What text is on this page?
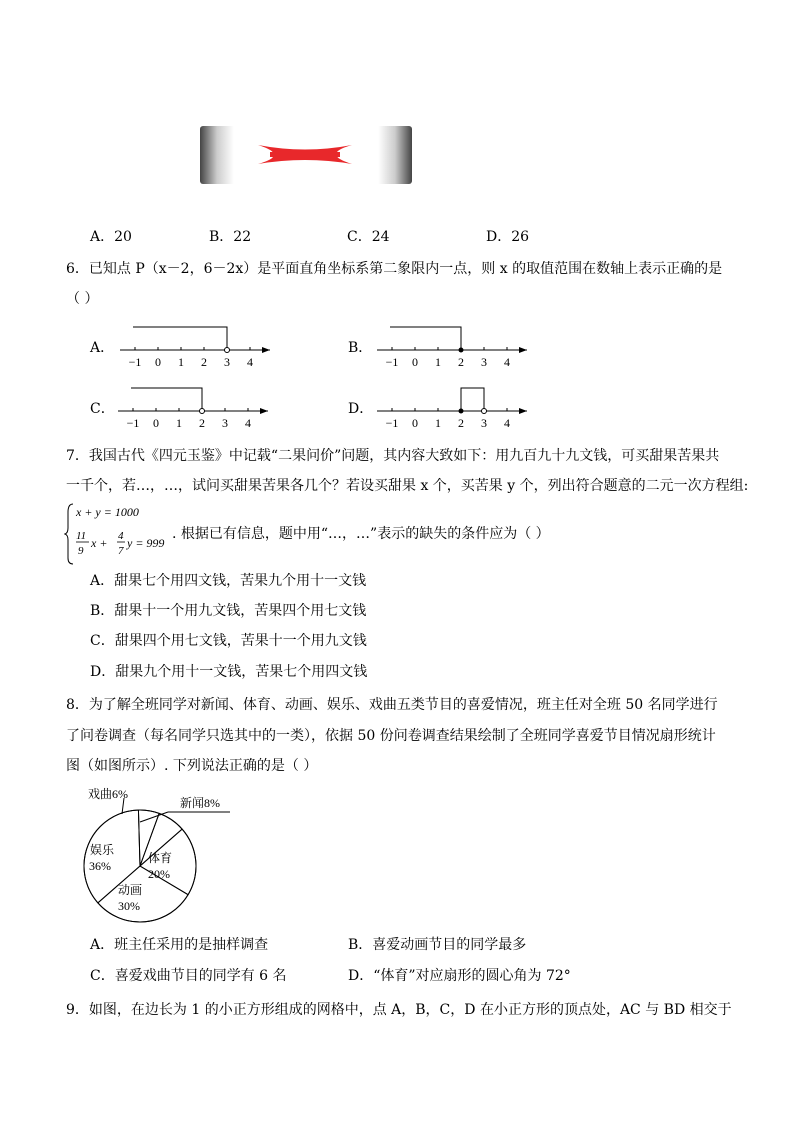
A．20	B．22	C．24	D．26
6．已知点 P（x－2，6－2x）是平面直角坐标系第二象限内一点，则 x 的取值范围在数轴上表示正确的是
（ ）
A．	B．
C．	D．
−1 0 1 2 3 4	−1 0 1 2 3 4
−1 0 1 2 3 4	−1 0 1 2 3 4
7．我国古代《四元玉鉴》中记载“二果问价”问题，其内容大致如下：用九百九十九文钱，可买甜果苦果共
一千个，若…，…，试问买甜果苦果各几个？若设买甜果 x 个，买苦果 y 个，列出符合题意的二元一次方程组:
x + y = 1000
11
9
x + 4
7
y = 999
. 根据已有信息，题中用“…，…”表示的缺失的条件应为（ ）
A．甜果七个用四文钱，苦果九个用十一文钱
B．甜果十一个用九文钱，苦果四个用七文钱
C．甜果四个用七文钱，苦果十一个用九文钱
D．甜果九个用十一文钱，苦果七个用四文钱
8．为了解全班同学对新闻、体育、动画、娱乐、戏曲五类节目的喜爱情况，班主任对全班 50 名同学进行
了问卷调查（每名同学只选其中的一类），依据 50 份问卷调查结果绘制了全班同学喜爱节目情况扇形统计
图（如图所示）. 下列说法正确的是（ ）
戏曲6%
新闻8%
娱乐
36%
体育
20%
动画
30%
A．班主任采用的是抽样调查	B．喜爱动画节目的同学最多
C．喜爱戏曲节目的同学有 6 名	D．“体育”对应扇形的圆心角为 72°
9．如图，在边长为 1 的小正方形组成的网格中，点 A，B，C，D 在小正方形的顶点处，AC 与 BD 相交于
